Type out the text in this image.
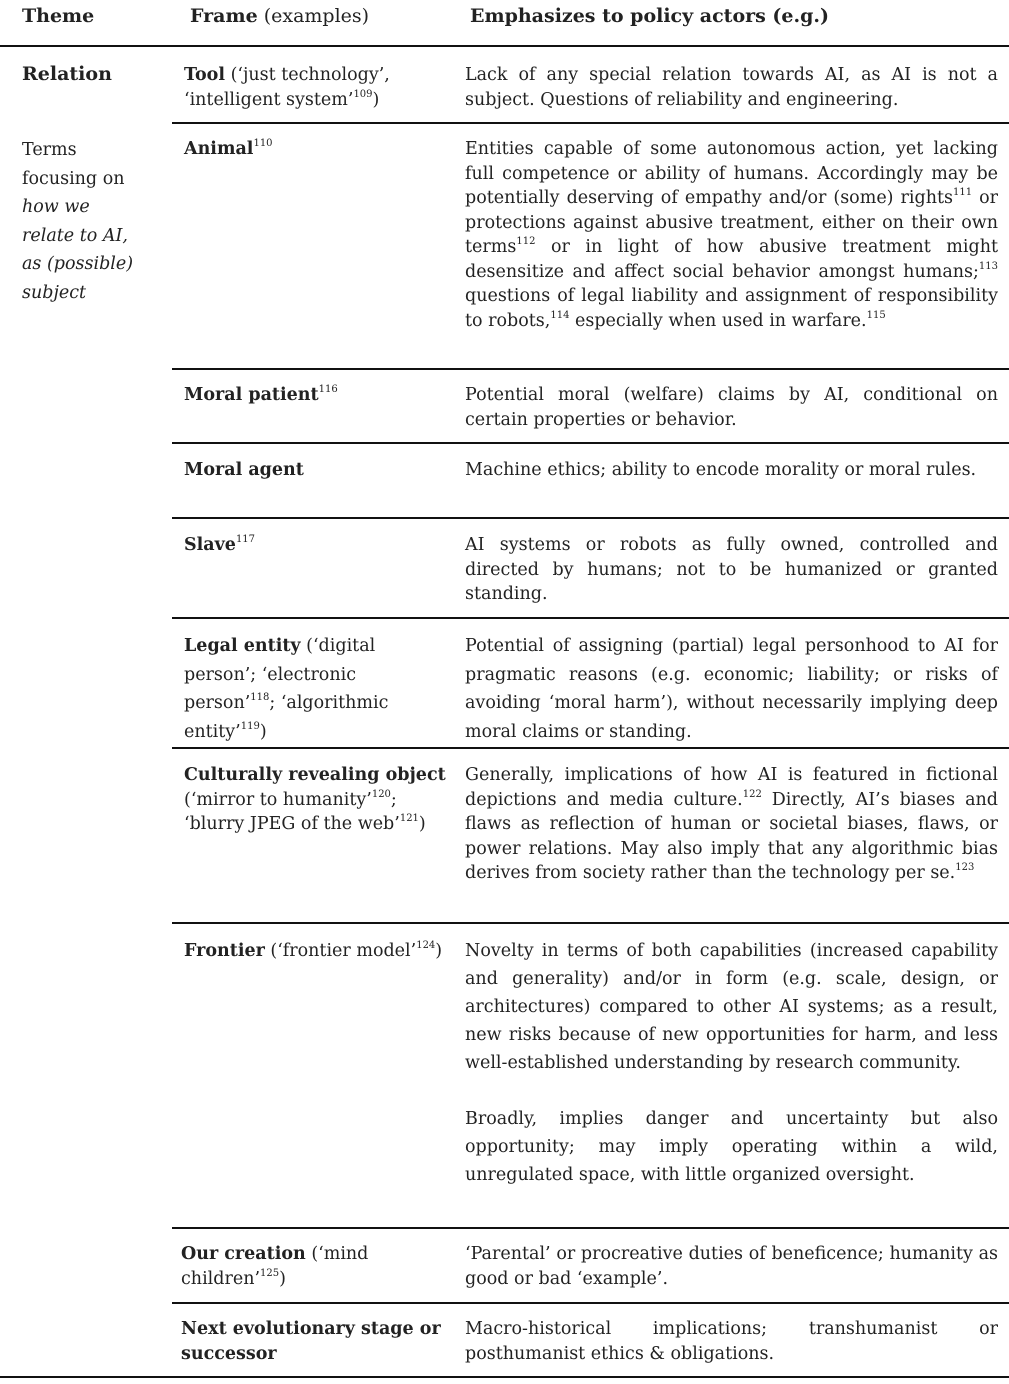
Theme	Frame (examples)	Emphasizes to policy actors (e.g.)
Relation
Terms focusing on how we relate to AI, as (possible) subject
Tool (‘just technology’, ‘intelligent system’$^{109}$)
Animal$^{110}$
Moral patient$^{116}$
Moral agent
Slave$^{117}$
Legal entity (‘digital person’; ‘electronic person’$^{118}$; ‘algorithmic entity’$^{119}$)
Culturally revealing object (‘mirror to humanity’$^{120}$; ‘blurry JPEG of the web’$^{121}$)
Frontier (‘frontier model’$^{124}$)
Our creation (‘mind children’$^{125}$)
Next evolutionary stage or successor

Lack of any special relation towards AI, as AI is not a subject. Questions of reliability and engineering.

Entities capable of some autonomous action, yet lacking full competence or ability of humans. Accordingly may be potentially deserving of empathy and/or (some) rights$^{111}$ or protections against abusive treatment, either on their own terms$^{112}$ or in light of how abusive treatment might desensitize and affect social behavior amongst humans;$^{113}$ questions of legal liability and assignment of responsibility to robots,$^{114}$ especially when used in warfare.$^{115}$

Potential moral (welfare) claims by AI, conditional on certain properties or behavior.

Machine ethics; ability to encode morality or moral rules.

AI systems or robots as fully owned, controlled and directed by humans; not to be humanized or granted standing.

Potential of assigning (partial) legal personhood to AI for pragmatic reasons (e.g. economic; liability; or risks of avoiding ‘moral harm’), without necessarily implying deep moral claims or standing.

Generally, implications of how AI is featured in fictional depictions and media culture.$^{122}$ Directly, AI’s biases and flaws as reflection of human or societal biases, flaws, or power relations. May also imply that any algorithmic bias derives from society rather than the technology per se.$^{123}$

Novelty in terms of both capabilities (increased capability and generality) and/or in form (e.g. scale, design, or architectures) compared to other AI systems; as a result, new risks because of new opportunities for harm, and less well-established understanding by research community.

Broadly, implies danger and uncertainty but also opportunity; may imply operating within a wild, unregulated space, with little organized oversight.

‘Parental’ or procreative duties of beneficence; humanity as good or bad ‘example’.

Macro-historical implications; transhumanist or posthumanist ethics & obligations.
